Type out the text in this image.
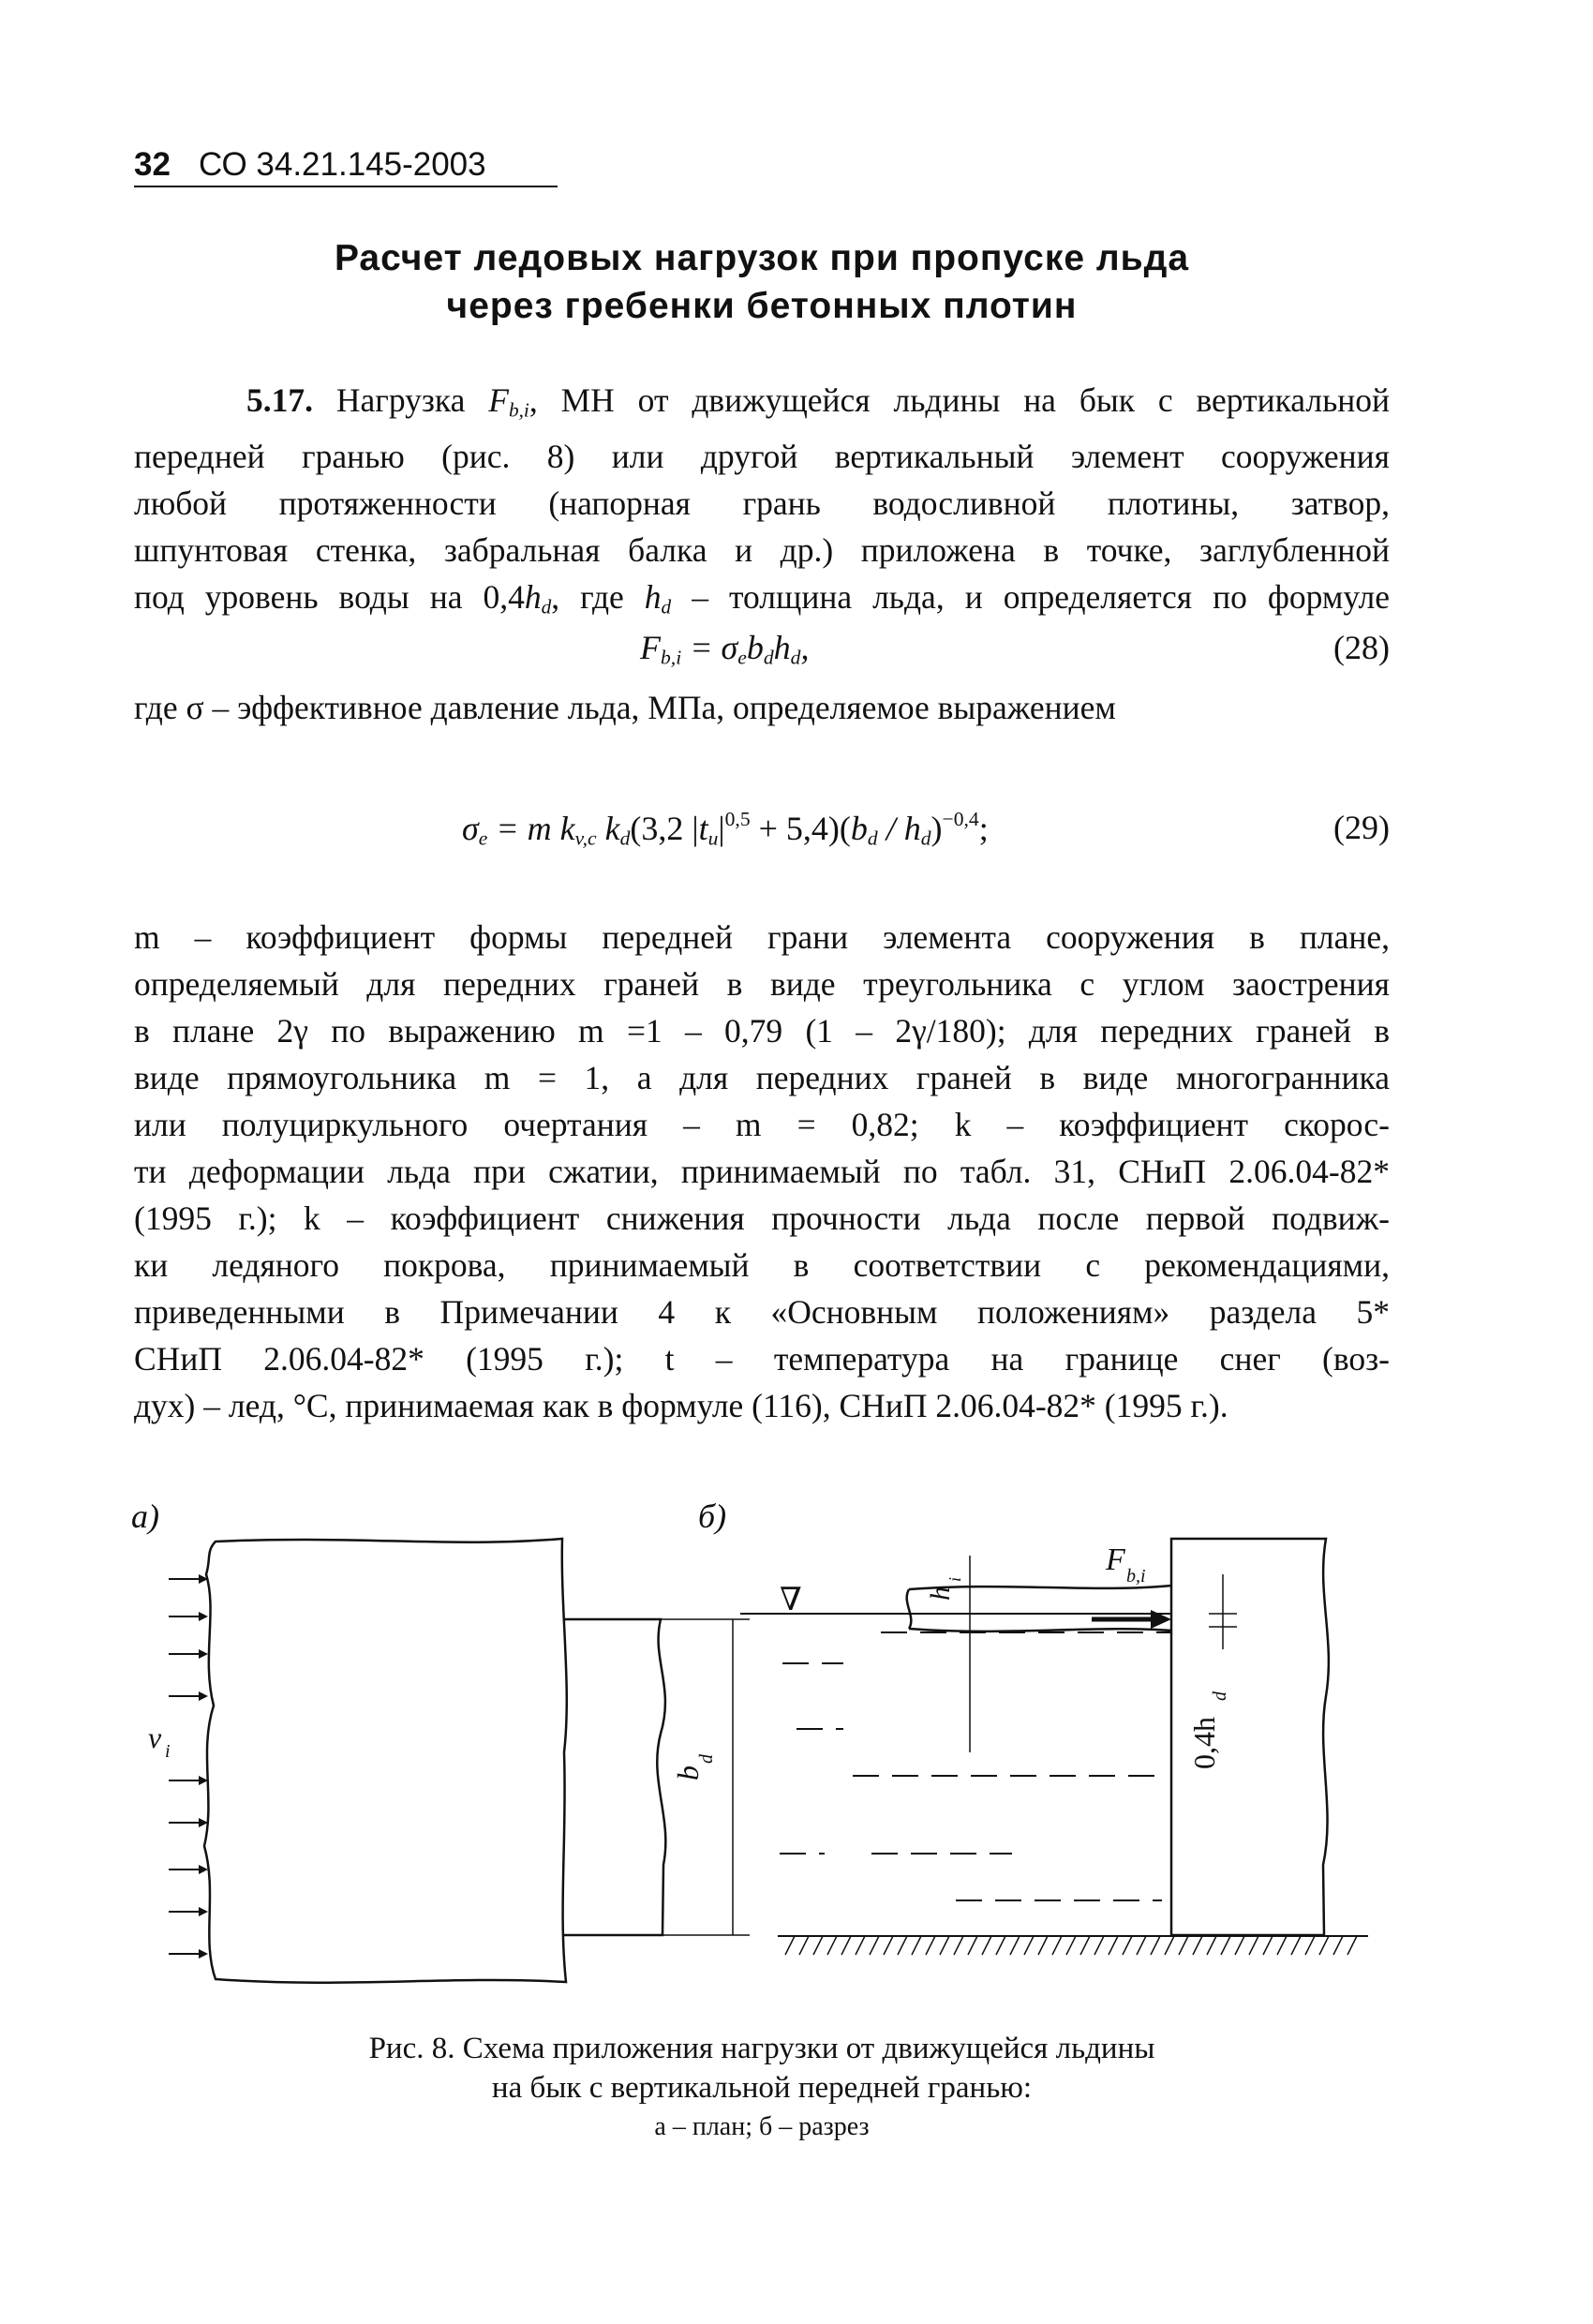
32 СО 34.21.145-2003
Расчет ледовых нагрузок при пропуске льда
через гребенки бетонных плотин
5.17. Нагрузка $F_{b,i}$, МН от движущейся льдины на бык с вертикальной
передней гранью (рис. 8) или другой вертикальный элемент сооружения
любой протяженности (напорная грань водосливной плотины, затвор,
шпунтовая стенка, забральная балка и др.) приложена в точке, заглубленной
под уровень воды на $0,4h_d$, где $h_d$ – толщина льда, и определяется по формуле
$F_{b,i} = \sigma_eb_dh_d$,	(28)
где σ – эффективное давление льда, МПа, определяемое выражением
$\sigma_e = m$ $k_{v,c}$ $k_d(3,2$ $|t_u|^{0,5} + 5,4)(b_d / h_d)^{-0,4}$;	(29)
m – коэффициент формы передней грани элемента сооружения в плане,
определяемый для передних граней в виде треугольника с углом заострения
в плане 2γ по выражению m =1 – 0,79 (1 – 2γ/180); для передних граней в
виде прямоугольника m = 1, а для передних граней в виде многогранника
или полуциркульного очертания – m = 0,82; k – коэффициент скорос-
ти деформации льда при сжатии, принимаемый по табл. 31, СНиП 2.06.04-82*
(1995 г.); k – коэффициент снижения прочности льда после первой подвиж-
ки ледяного покрова, принимаемый в соответствии с рекомендациями,
приведенными в Примечании 4 к «Основным положениям» раздела 5*
СНиП 2.06.04-82* (1995 г.); t – температура на границе снег (воз-
дух) – лед, °С, принимаемая как в формуле (116), СНиП 2.06.04-82* (1995 г.).
а)	б)
v i
b
d
∇	h
i
F b,i
0,4h
d
Рис. 8. Схема приложения нагрузки от движущейся льдины
на бык с вертикальной передней гранью:
а – план; б – разрез
